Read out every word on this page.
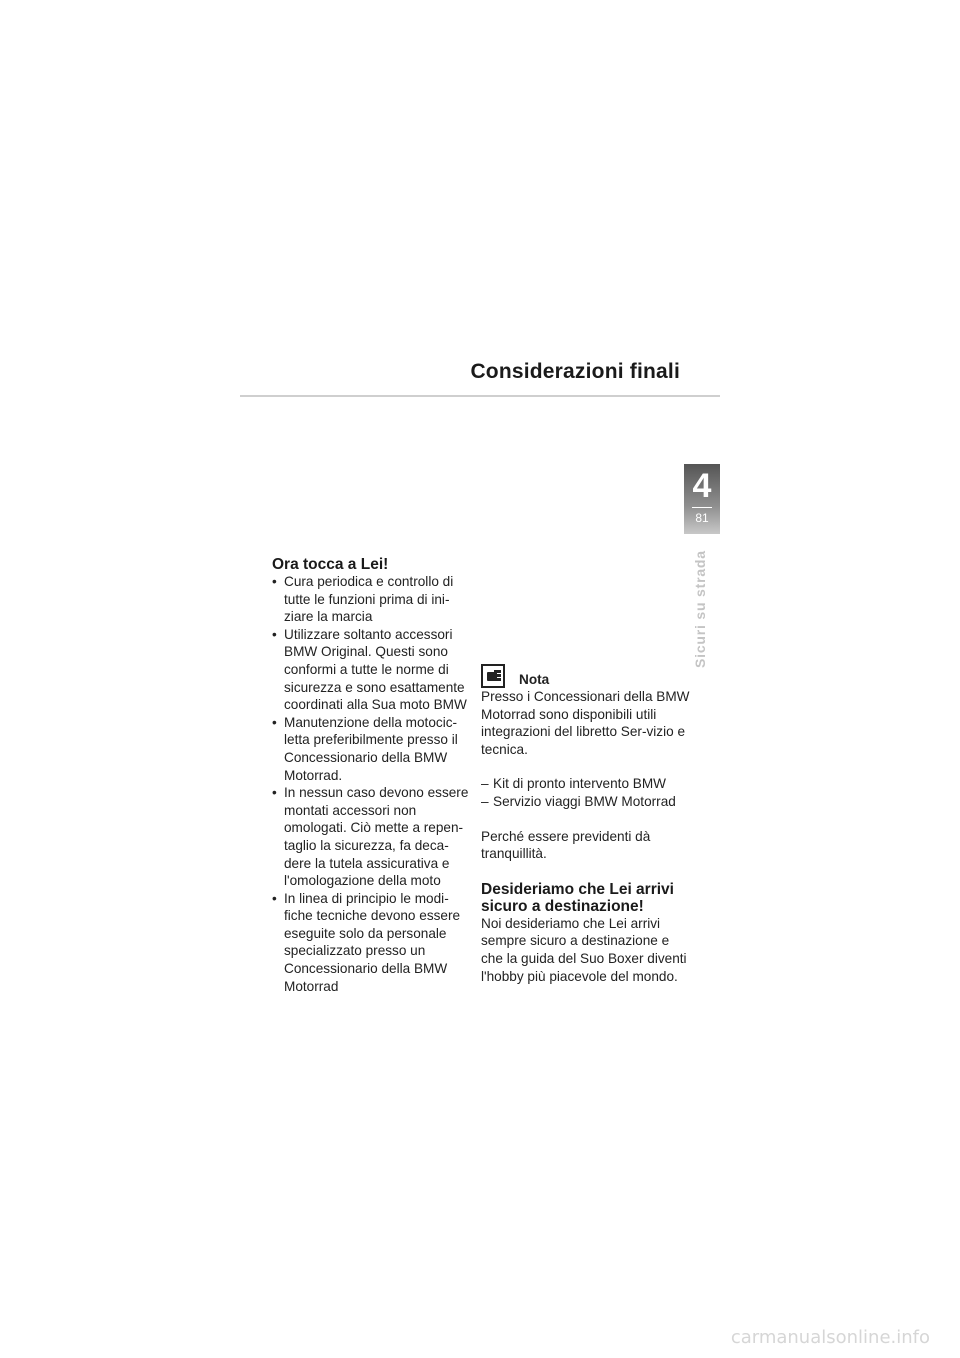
Considerazioni finali
4
81
Sicuri su strada
Ora tocca a Lei!
• Cura periodica e controllo di tutte le funzioni prima di ini-ziare la marcia
• Utilizzare soltanto accessori BMW Original. Questi sono conformi a tutte le norme di sicurezza e sono esattamente coordinati alla Sua moto BMW
• Manutenzione della motocic-letta preferibilmente presso il Concessionario della BMW Motorrad.
• In nessun caso devono essere montati accessori non omologati. Ciò mette a repen-taglio la sicurezza, fa deca-dere la tutela assicurativa e l'omologazione della moto
• In linea di principio le modi-fiche tecniche devono essere eseguite solo da personale specializzato presso un Concessionario della BMW Motorrad
Nota

Presso i Concessionari della BMW Motorrad sono disponibili utili integrazioni del libretto Ser-vizio e tecnica.

– Kit di pronto intervento BMW
– Servizio viaggi BMW Motorrad

Perché essere previdenti dà tranquillità.

Desideriamo che Lei arrivi sicuro a destinazione!

Noi desideriamo che Lei arrivi sempre sicuro a destinazione e che la guida del Suo Boxer diventi l'hobby più piacevole del mondo.

carmanualsonline.info
